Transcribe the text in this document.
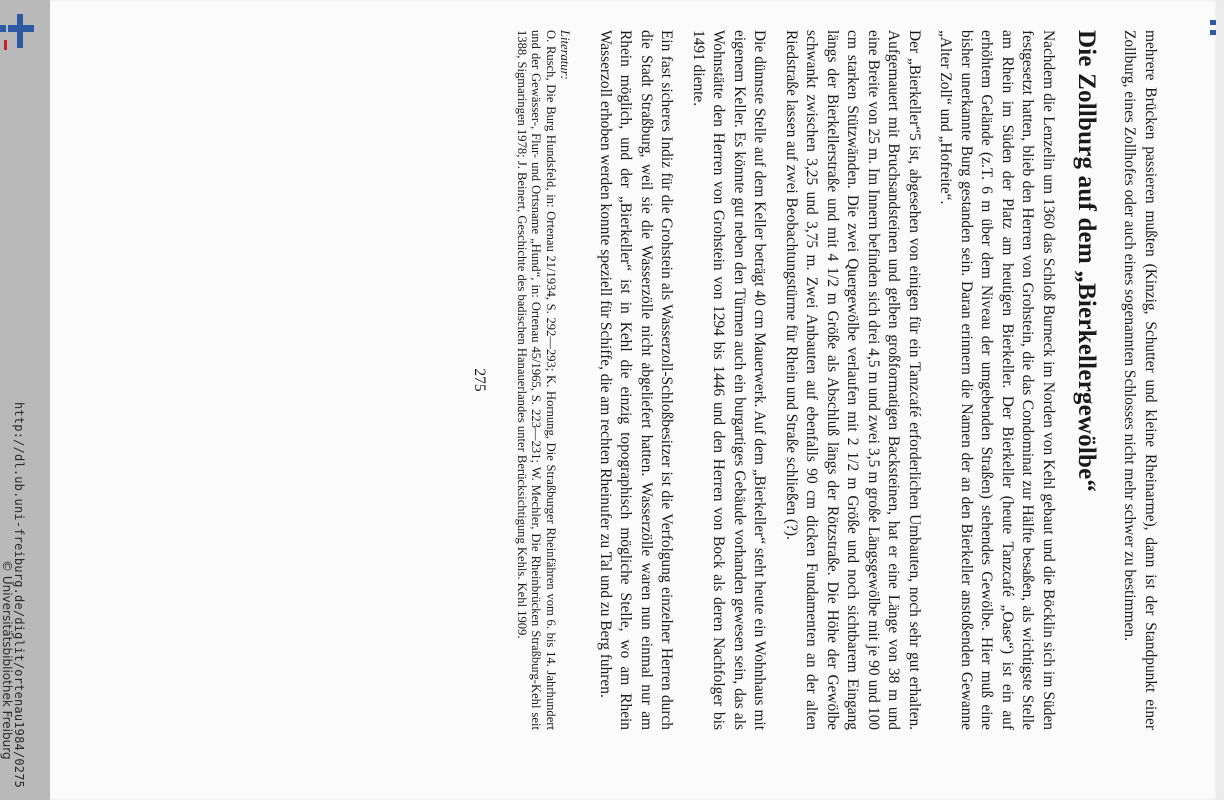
http://dl.ub.uni-freiburg.de/diglit/ortenau1984/0275
© Universitätsbibliothek Freiburg	mehrere Brücken passieren mußten (Kinzig, Schutter und kleine Rheinarme), dann ist der Standpunkt einer Zollburg, eines Zollhofes oder auch eines sogenannten Schlosses nicht mehr schwer zu bestimmen.

Die Zollburg auf dem „Bierkellergewölbe“

Nachdem die Lenzelin um 1360 das Schloß Burneck im Norden von Kehl gebaut und die Böcklin sich im Süden festgesetzt hatten, blieb den Herren von Grohstein, die das Condominat zur Hälfte besaßen, als wichtigste Stelle am Rhein im Süden der Platz am heutigen Bierkeller. Der Bierkeller (heute Tanzcafé „Oase“) ist ein auf erhöhtem Gelände (z.T. 6 m über dem Niveau der umgebenden Straßen) stehendes Gewölbe. Hier muß eine bisher unerkannte Burg gestanden sein. Daran erinnern die Namen der an den Bierkeller anstoßenden Gewanne „Alter Zoll“ und „Hofreite“.

Der „Bierkeller“5 ist, abgesehen von einigen für ein Tanzcafé erforderlichen Umbauten, noch sehr gut erhalten. Aufgemauert mit Bruchsandsteinen und gelben großformatigen Backsteinen, hat er eine Länge von 38 m und eine Breite von 25 m. Im Innern befinden sich drei 4,5 m und zwei 3,5 m große Längsgewölbe mit je 90 und 100 cm starken Stützwänden. Die zwei Quergewölbe verlaufen mit 2 1/2 m Größe und noch sichtbarem Eingang längs der Bierkellerstraße und mit 4 1/2 m Größe als Abschluß längs der Rötzstraße. Die Höhe der Gewölbe schwankt zwischen 3,25 und 3,75 m. Zwei Anbauten auf ebenfalls 90 cm dicken Fundamenten an der alten Riedstraße lassen auf zwei Beobachtungstürme für Rhein und Straße schließen (?).

Die dünnste Stelle auf dem Keller beträgt 40 cm Mauerwerk. Auf dem „Bierkeller“ steht heute ein Wohnhaus mit eigenem Keller. Es könnte gut neben den Türmen auch ein burgartiges Gebäude vorhanden gewesen sein, das als Wohnstätte den Herren von Grohstein von 1294 bis 1446 und den Herren von Bock als deren Nachfolger bis 1491 diente.

Ein fast sicheres Indiz für die Grohstein als Wasserzoll-Schloßbesitzer ist die Verfolgung einzelner Herren durch die Stadt Straßburg, weil sie die Wasserzölle nicht abgeliefert hatten. Wasserzölle waren nun einmal nur am Rhein möglich, und der „Bierkeller“ ist in Kehl die einzig topographisch mögliche Stelle, wo am Rhein Wasserzoll erhoben werden konnte speziell für Schiffe, die am rechten Rheinufer zu Tal und zu Berg fuhren.

Literatur:
O. Rusch, Die Burg Hundsfeld, in: Ortenau 21/1934, S. 292—293; K. Hornung, Die Straßburger Rheinfähren vom 6. bis 14. Jahrhundert und der Gewässer-, Flur- und Ortsname „Hund“, in: Ortenau 45/1965, S. 223—231; W. Mechler, Die Rheinbrücken Straßburg-Kehl seit 1388, Sigmaringen 1978; J. Beinert, Geschichte des badischen Hanauerlandes unter Berücksichtigung Kehls. Kehl 1909.
275
